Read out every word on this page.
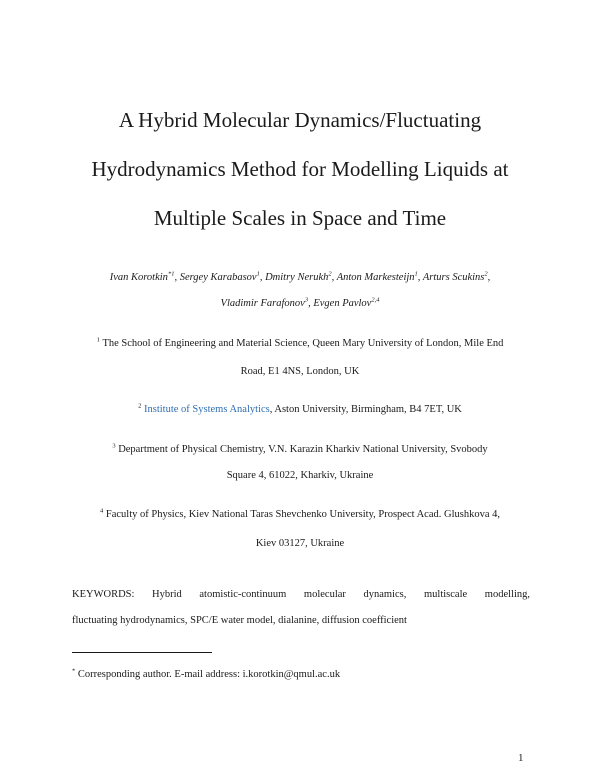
A Hybrid Molecular Dynamics/Fluctuating
Hydrodynamics Method for Modelling Liquids at
Multiple Scales in Space and Time
Ivan Korotkin$^{*1}$, Sergey Karabasov$^1$, Dmitry Nerukh$^2$, Anton Markesteijn$^1$, Arturs Scukins$^2$,
Vladimir Farafonov$^3$, Evgen Pavlov$^{2,4}$
$^1$ The School of Engineering and Material Science, Queen Mary University of London, Mile End
Road, E1 4NS, London, UK
$^2$ Institute of Systems Analytics, Aston University, Birmingham, B4 7ET, UK
$^3$ Department of Physical Chemistry, V.N. Karazin Kharkiv National University, Svobody
Square 4, 61022, Kharkiv, Ukraine
$^4$ Faculty of Physics, Kiev National Taras Shevchenko University, Prospect Acad. Glushkova 4,
Kiev 03127, Ukraine
KEYWORDS: Hybrid atomistic-continuum molecular dynamics, multiscale modelling,
fluctuating hydrodynamics, SPC/E water model, dialanine, diffusion coefficient
* Corresponding author. E-mail address: i.korotkin@qmul.ac.uk
1
